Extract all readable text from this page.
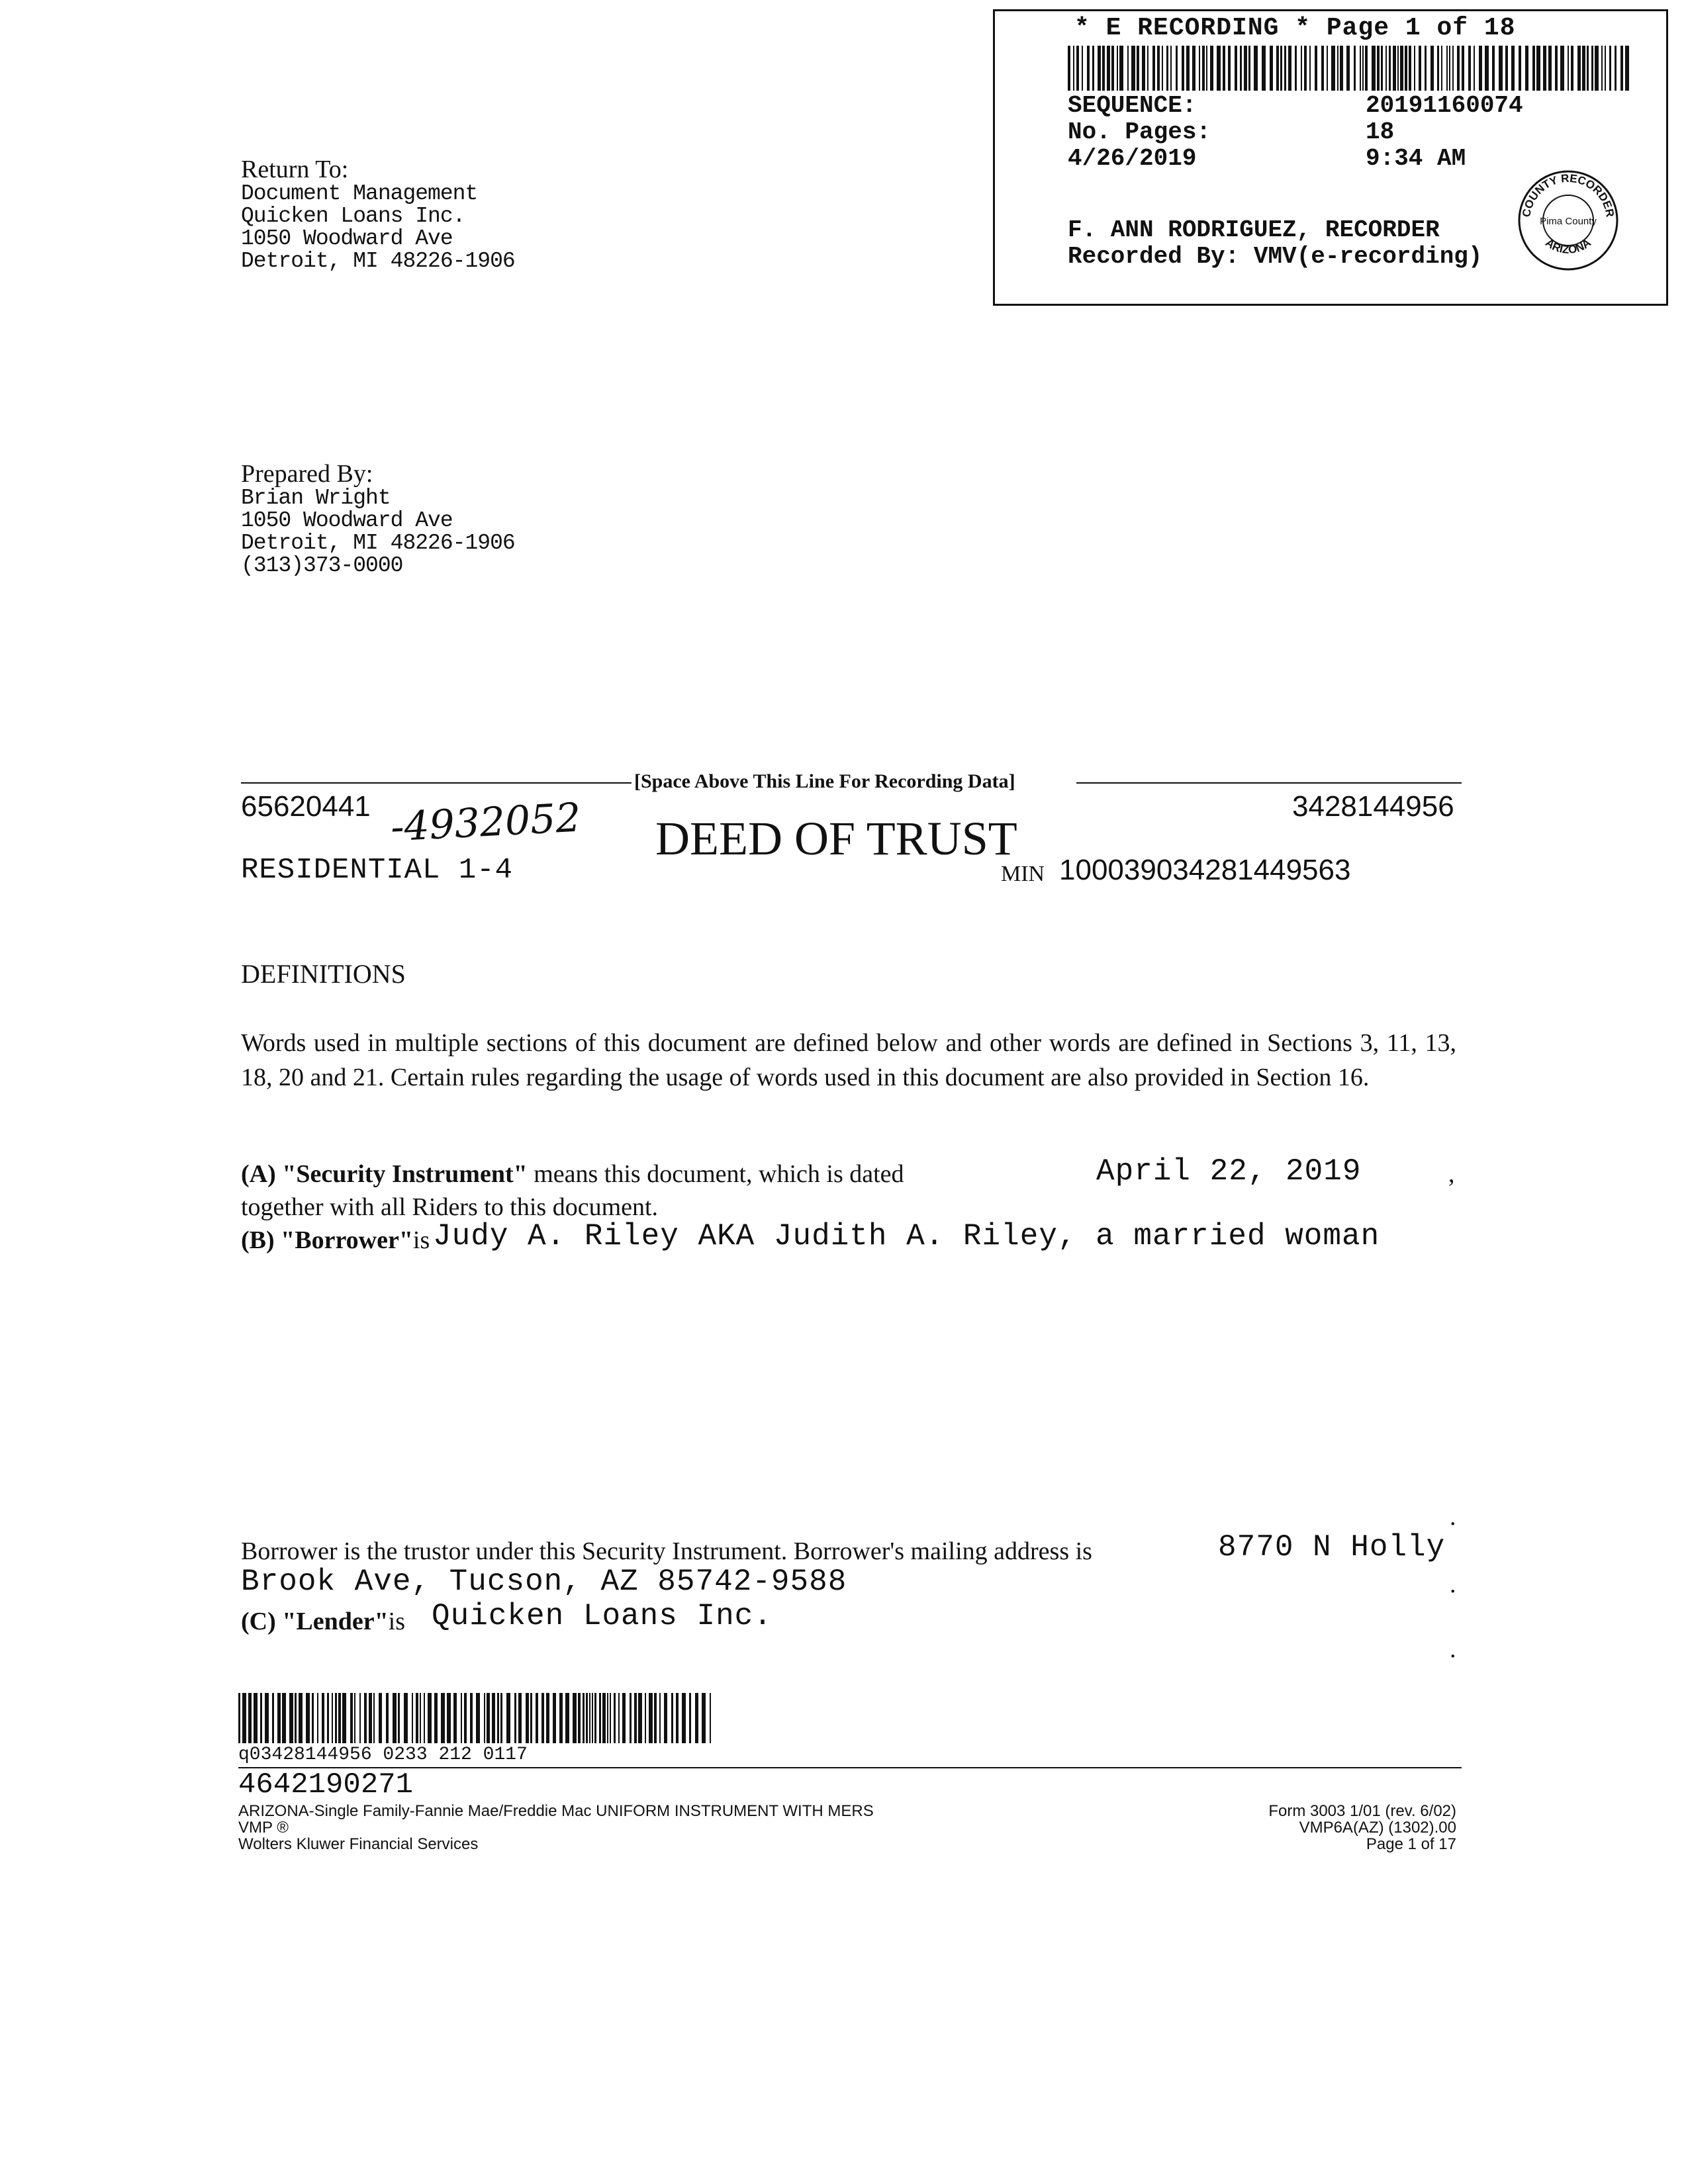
* E RECORDING * Page 1 of 18
SEQUENCE:	20191160074
No. Pages:	18
4/26/2019	9:34 AM
F. ANN RODRIGUEZ, RECORDER
Recorded By: VMV(e-recording)
COUNTY RECORDER
Pima County
ARIZONA
Return To:
Document Management
Quicken Loans Inc.
1050 Woodward Ave
Detroit, MI 48226-1906
Prepared By:
Brian Wright
1050 Woodward Ave
Detroit, MI 48226-1906
(313)373-0000
[Space Above This Line For Recording Data]
65620441 -4932052	3428144956
DEED OF TRUST
RESIDENTIAL 1-4	MIN 100039034281449563
DEFINITIONS
Words used in multiple sections of this document are defined below and other words are defined in Sections 3, 11, 13, 18, 20 and 21. Certain rules regarding the usage of words used in this document are also provided in Section 16.
(A) "Security Instrument" means this document, which is dated	April 22, 2019	,
together with all Riders to this document.
(B) "Borrower"is Judy A. Riley AKA Judith A. Riley, a married woman
.
Borrower is the trustor under this Security Instrument. Borrower's mailing address is	8770 N Holly
Brook Ave, Tucson, AZ 85742-9588	.
(C) "Lender"is Quicken Loans Inc.
.
q03428144956 0233 212 0117
4642190271
ARIZONA-Single Family-Fannie Mae/Freddie Mac UNIFORM INSTRUMENT WITH MERS
VMP ®
Wolters Kluwer Financial Services
Form 3003 1/01 (rev. 6/02)
VMP6A(AZ) (1302).00
Page 1 of 17
